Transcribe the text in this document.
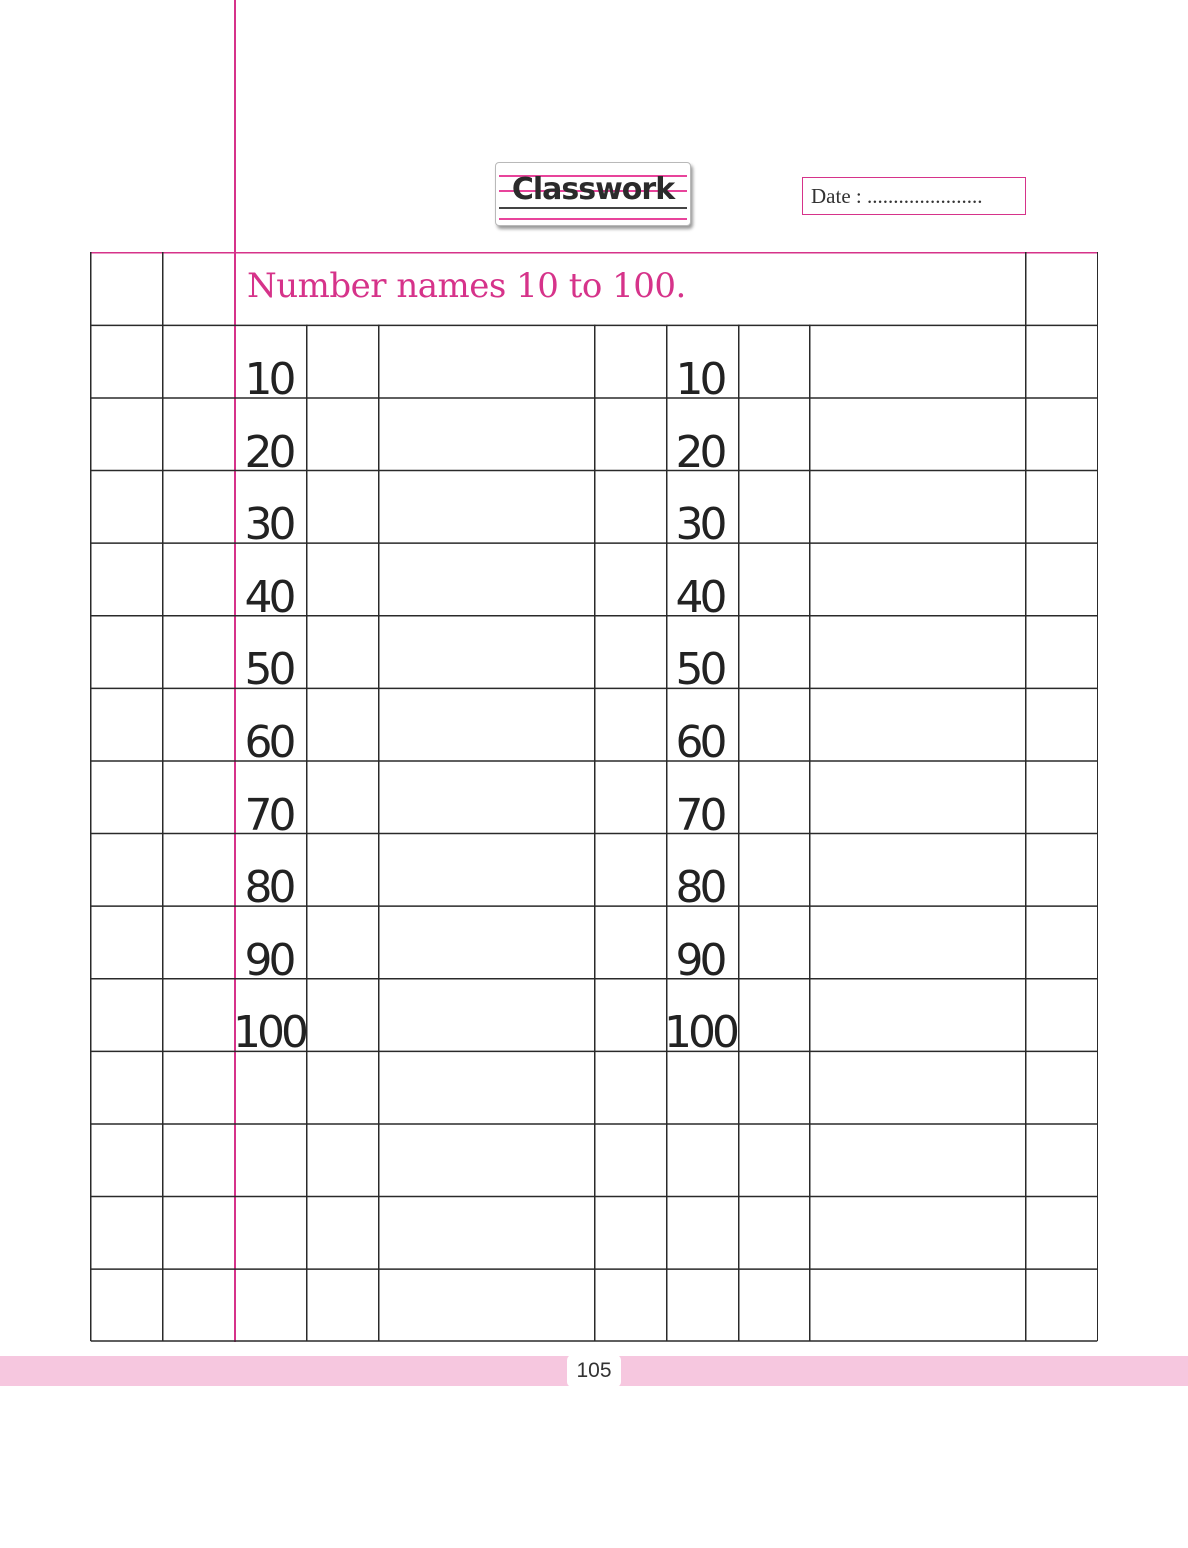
Classwork	Date : ......................
Number names 10 to 100.
10
20
30
40
50
60
70
80
90
100
10
20
30
40
50
60
70
80
90
100
105
